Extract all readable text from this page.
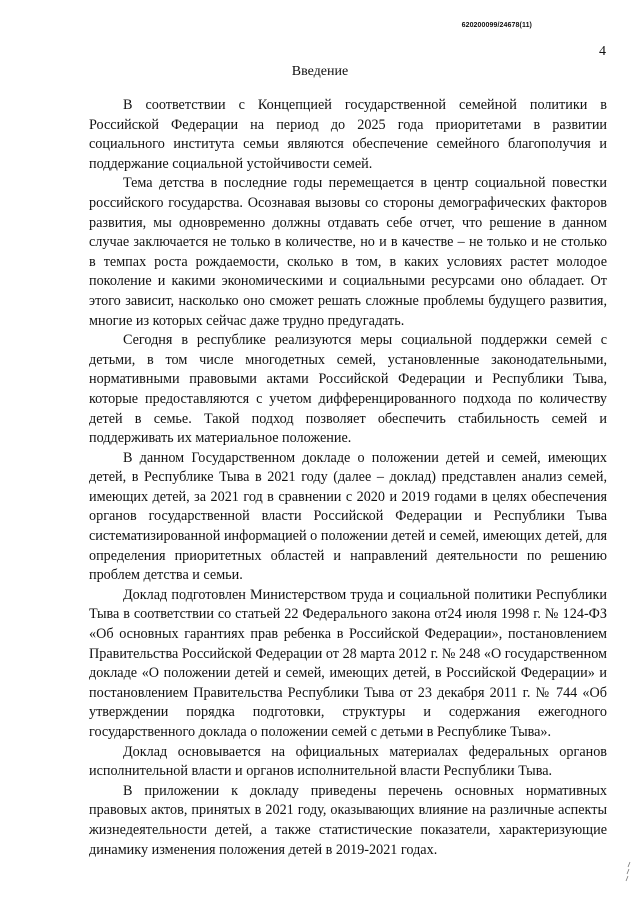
620200099/24678(11)
4
Введение

В соответствии с Концепцией государственной семейной политики в Российской Федерации на период до 2025 года приоритетами в развитии социального института семьи являются обеспечение семейного благополучия и поддержание социальной устойчивости семей.

Тема детства в последние годы перемещается в центр социальной повестки российского государства. Осознавая вызовы со стороны демографических факторов развития, мы одновременно должны отдавать себе отчет, что решение в данном случае заключается не только в количестве, но и в качестве – не только и не столько в темпах роста рождаемости, сколько в том, в каких условиях растет молодое поколение и какими экономическими и социальными ресурсами оно обладает. От этого зависит, насколько оно сможет решать сложные проблемы будущего развития, многие из которых сейчас даже трудно предугадать.

Сегодня в республике реализуются меры социальной поддержки семей с детьми, в том числе многодетных семей, установленные законодательными, нормативными правовыми актами Российской Федерации и Республики Тыва, которые предоставляются с учетом дифференцированного подхода по количеству детей в семье. Такой подход позволяет обеспечить стабильность семей и поддерживать их материальное положение.

В данном Государственном докладе о положении детей и семей, имеющих детей, в Республике Тыва в 2021 году (далее – доклад) представлен анализ семей, имеющих детей, за 2021 год в сравнении с 2020 и 2019 годами в целях обеспечения органов государственной власти Российской Федерации и Республики Тыва систематизированной информацией о положении детей и семей, имеющих детей, для определения приоритетных областей и направлений деятельности по решению проблем детства и семьи.

Доклад подготовлен Министерством труда и социальной политики Республики Тыва в соответствии со статьей 22 Федерального закона от24 июля 1998 г. № 124-ФЗ «Об основных гарантиях прав ребенка в Российской Федерации», постановлением Правительства Российской Федерации от 28 марта 2012 г. № 248 «О государственном докладе «О положении детей и семей, имеющих детей, в Российской Федерации» и постановлением Правительства Республики Тыва от 23 декабря 2011 г. № 744 «Об утверждении порядка подготовки, структуры и содержания ежегодного государственного доклада о положении семей с детьми в Республике Тыва».

Доклад основывается на официальных материалах федеральных органов исполнительной власти и органов исполнительной власти Республики Тыва.

В приложении к докладу приведены перечень основных нормативных правовых актов, принятых в 2021 году, оказывающих влияние на различные аспекты жизнедеятельности детей, а также статистические показатели, характеризующие динамику изменения положения детей в 2019-2021 годах.
